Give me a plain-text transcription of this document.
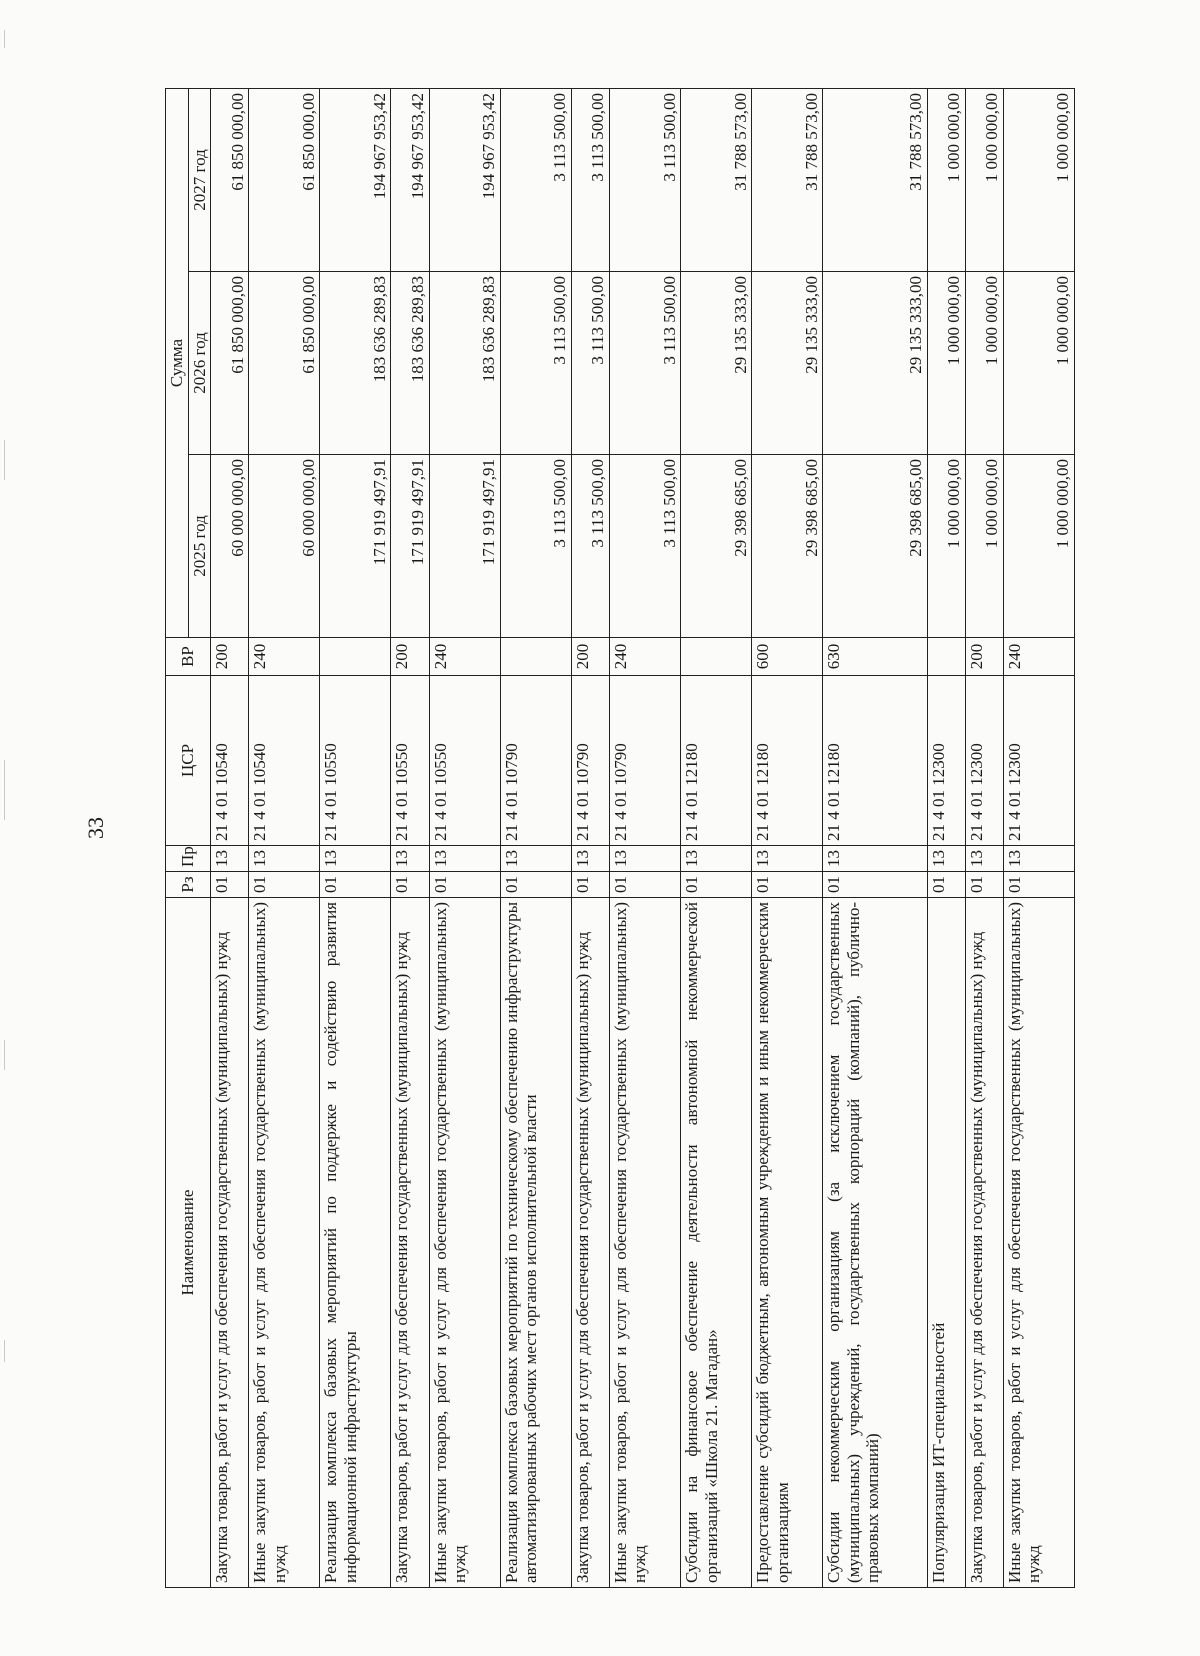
33
Наименование	Рз	Пр	ЦСР	ВР	Сумма		
					2025 год	2026 год	2027 год
Закупка товаров, работ и услуг для обеспечения государственных (муниципальных) нужд	01	13	21 4 01 10540	200	60 000 000,00	61 850 000,00	61 850 000,00
Иные закупки товаров, работ и услуг для обеспечения государственных (муниципальных) нужд	01	13	21 4 01 10540	240	60 000 000,00	61 850 000,00	61 850 000,00
Реализация комплекса базовых мероприятий по поддержке и содействию развития информационной инфраструктуры	01	13	21 4 01 10550		171 919 497,91	183 636 289,83	194 967 953,42
Закупка товаров, работ и услуг для обеспечения государственных (муниципальных) нужд	01	13	21 4 01 10550	200	171 919 497,91	183 636 289,83	194 967 953,42
Иные закупки товаров, работ и услуг для обеспечения государственных (муниципальных) нужд	01	13	21 4 01 10550	240	171 919 497,91	183 636 289,83	194 967 953,42
Реализация комплекса базовых мероприятий по техническому обеспечению инфраструктуры автоматизированных рабочих мест органов исполнительной власти	01	13	21 4 01 10790		3 113 500,00	3 113 500,00	3 113 500,00
Закупка товаров, работ и услуг для обеспечения государственных (муниципальных) нужд	01	13	21 4 01 10790	200	3 113 500,00	3 113 500,00	3 113 500,00
Иные закупки товаров, работ и услуг для обеспечения государственных (муниципальных) нужд	01	13	21 4 01 10790	240	3 113 500,00	3 113 500,00	3 113 500,00
Субсидии на финансовое обеспечение деятельности автономной некоммерческой организаций «Школа 21. Магадан»	01	13	21 4 01 12180		29 398 685,00	29 135 333,00	31 788 573,00
Предоставление субсидий бюджетным, автономным учреждениям и иным некоммерческим организациям	01	13	21 4 01 12180	600	29 398 685,00	29 135 333,00	31 788 573,00
Субсидии некоммерческим организациям (за исключением государственных (муниципальных) учреждений, государственных корпораций (компаний), публично-правовых компаний)	01	13	21 4 01 12180	630	29 398 685,00	29 135 333,00	31 788 573,00
Популяризация ИТ-специальностей	01	13	21 4 01 12300		1 000 000,00	1 000 000,00	1 000 000,00
Закупка товаров, работ и услуг для обеспечения государственных (муниципальных) нужд	01	13	21 4 01 12300	200	1 000 000,00	1 000 000,00	1 000 000,00
Иные закупки товаров, работ и услуг для обеспечения государственных (муниципальных) нужд	01	13	21 4 01 12300	240	1 000 000,00	1 000 000,00	1 000 000,00
